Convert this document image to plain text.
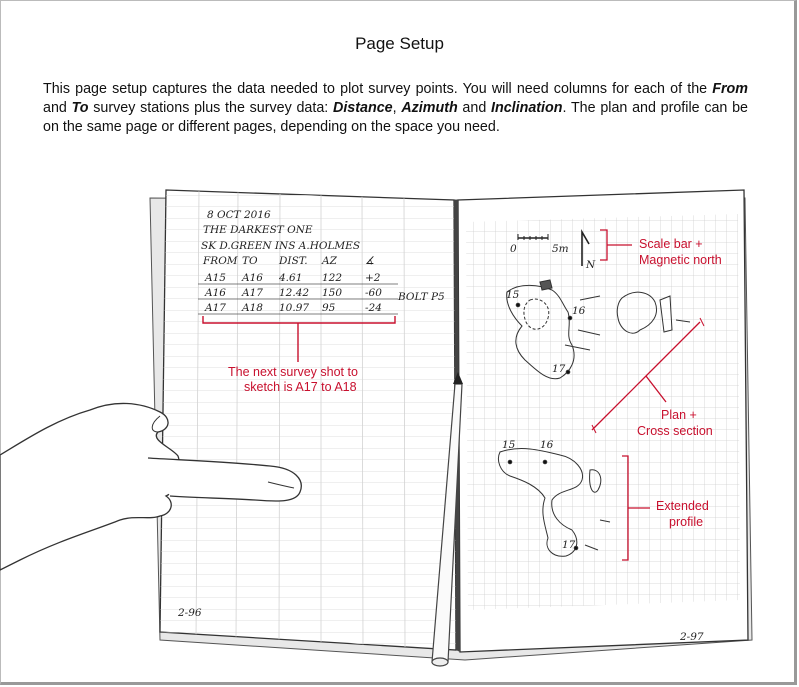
Page Setup

This page setup captures the data needed to plot survey points. You will need columns for each of the From and To survey stations plus the survey data: Distance, Azimuth and Inclination. The plan and profile can be on the same page or different pages, depending on the space you need.

8 OCT 2016
THE DARKEST ONE
SK D.GREEN INS A.HOLMES
FROM TO DIST. AZ	∡
A15 A16 4.61 122 +2
A16 A17 12.42 150 -60
A17 A18 10.97 95	-24
BOLT P5
2-96
The next survey shot to
sketch is A17 to A18
2-97
0	5m
N
Scale bar +
Magnetic north
15
16
17
Plan +
Cross section
15 16
17
Extended
profile
